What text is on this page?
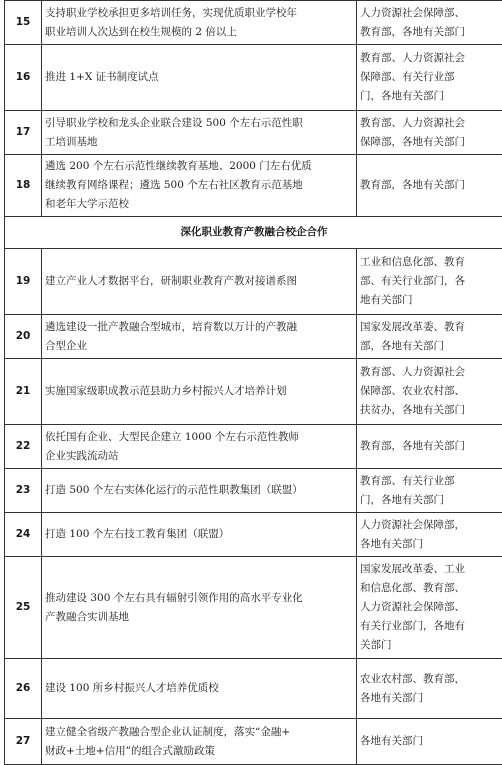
15	支持职业学校承担更多培训任务，实现优质职业学校年
职业培训人次达到在校生规模的 2 倍以上	人力资源社会保障部、
教育部，各地有关部门
16	推进 1+X 证书制度试点	教育部、人力资源社会
保障部、有关行业部
门，各地有关部门
17	引导职业学校和龙头企业联合建设 500 个左右示范性职
工培训基地	教育部、人力资源社会
保障部，各地有关部门
18	遴选 200 个左右示范性继续教育基地、2000 门左右优质
继续教育网络课程；遴选 500 个左右社区教育示范基地
和老年大学示范校	教育部，各地有关部门
深化职业教育产教融合校企合作		
19	建立产业人才数据平台，研制职业教育产教对接谱系图	工业和信息化部、教育
部、有关行业部门，各
地有关部门
20	遴选建设一批产教融合型城市，培育数以万计的产教融
合型企业	国家发展改革委、教育
部，各地有关部门
21	实施国家级职成教示范县助力乡村振兴人才培养计划	教育部、人力资源社会
保障部、农业农村部、
扶贫办，各地有关部门
22	依托国有企业、大型民企建立 1000 个左右示范性教师
企业实践流动站	教育部，各地有关部门
23	打造 500 个左右实体化运行的示范性职教集团（联盟）	教育部、有关行业部
门，各地有关部门
24	打造 100 个左右技工教育集团（联盟）	人力资源社会保障部，
各地有关部门
25	推动建设 300 个左右具有辐射引领作用的高水平专业化
产教融合实训基地	国家发展改革委、工业
和信息化部、教育部、
人力资源社会保障部、
有关行业部门，各地有
关部门
26	建设 100 所乡村振兴人才培养优质校	农业农村部、教育部，
各地有关部门
27	建立健全省级产教融合型企业认证制度，落实“金融+
财政+土地+信用”的组合式激励政策	各地有关部门
